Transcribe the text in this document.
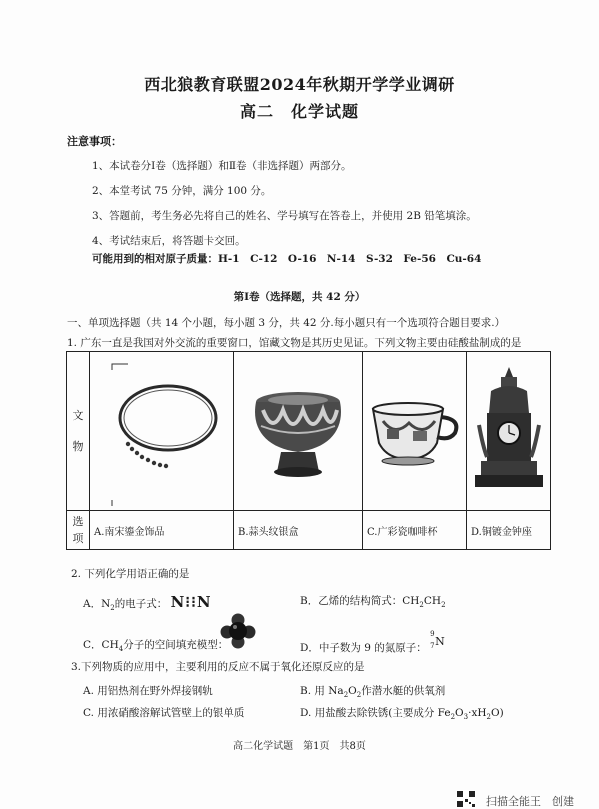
西北狼教育联盟2024年秋期开学学业调研
高二　化学试题
注意事项：
1、本试卷分Ⅰ卷（选择题）和Ⅱ卷（非选择题）两部分。
2、本堂考试 75 分钟，满分 100 分。
3、答题前，考生务必先将自己的姓名、学号填写在答卷上，并使用 2B 铅笔填涂。
4、考试结束后，将答题卡交回。
可能用到的相对原子质量：H-1　C-12　O-16　N-14　S-32　Fe-56　Cu-64
第Ⅰ卷（选择题，共 42 分）
一、单项选择题（共 14 个小题，每小题 3 分，共 42 分.每小题只有一个选项符合题目要求.）
1. 广东一直是我国对外交流的重要窗口，馆藏文物是其历史见证。下列文物主要由硅酸盐制成的是
文
物

选
项	A.南宋鎏金饰品	B.蒜头纹银盒	C.广彩瓷咖啡杯	D.铜镀金钟座
2. 下列化学用语正确的是
A．$N_2$的电子式： N⁝⁝N	B．乙烯的结构简式：$CH_2CH_2$
C．$CH_4$分子的空间填充模型：	D．中子数为 9 的氮原子：
9
7 N
3.下列物质的应用中，主要利用的反应不属于氧化还原反应的是
A. 用铝热剂在野外焊接钢轨	B. 用 $Na_2O_2$作潜水艇的供氧剂
C. 用浓硝酸溶解试管壁上的银单质	D. 用盐酸去除铁锈(主要成分 $Fe_2O_3\cdot xH_2O$)
高二化学试题　第1页　共8页
扫描全能王　创建
